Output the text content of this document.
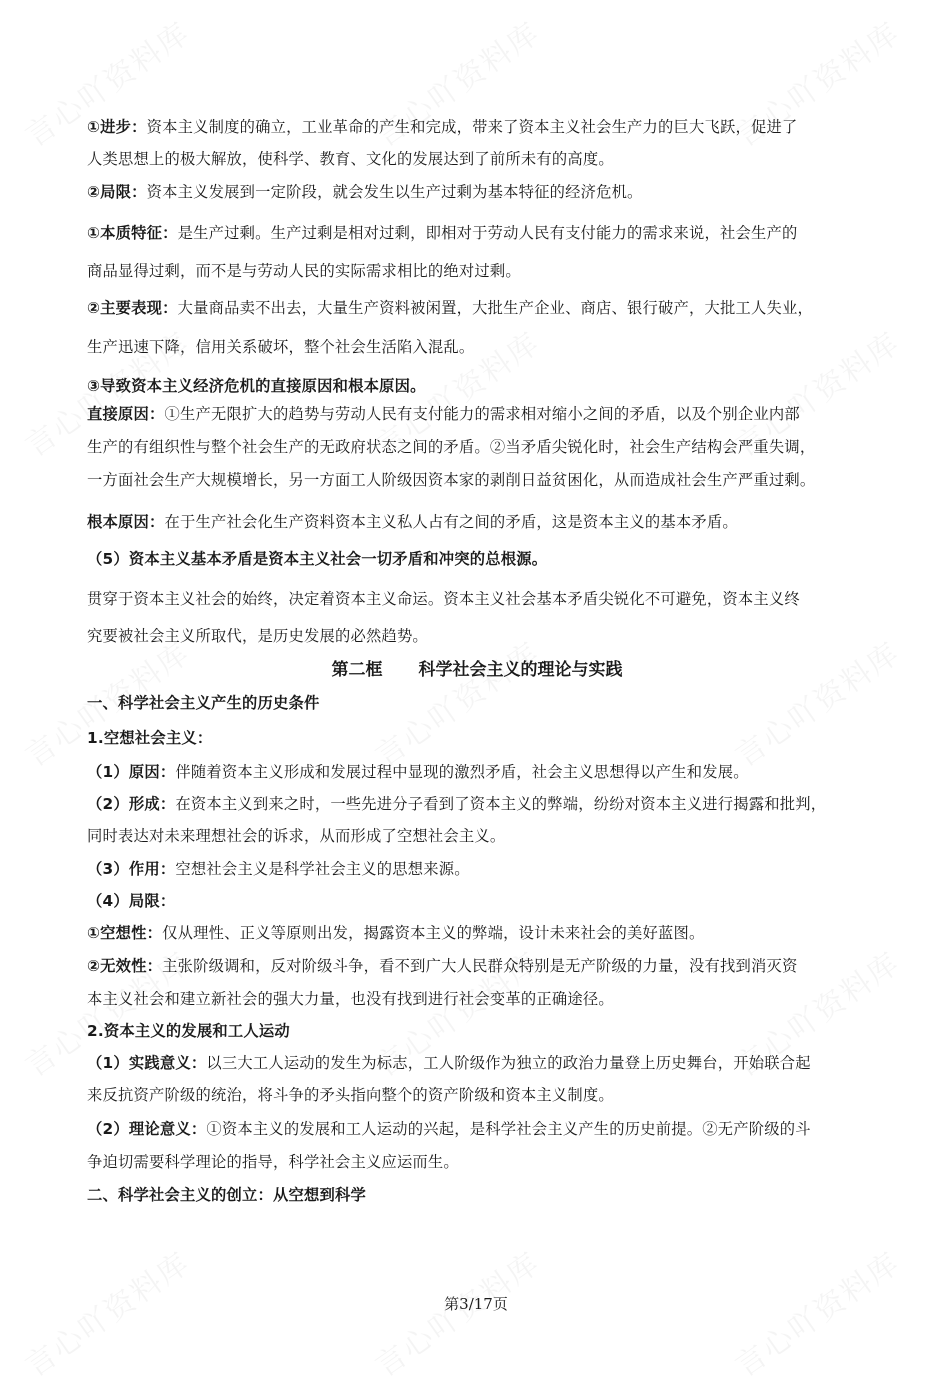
①进步：资本主义制度的确立，工业革命的产生和完成，带来了资本主义社会生产力的巨大飞跃，促进了
人类思想上的极大解放，使科学、教育、文化的发展达到了前所未有的高度。
②局限：资本主义发展到一定阶段，就会发生以生产过剩为基本特征的经济危机。
①本质特征：是生产过剩。生产过剩是相对过剩，即相对于劳动人民有支付能力的需求来说，社会生产的
商品显得过剩，而不是与劳动人民的实际需求相比的绝对过剩。
②主要表现：大量商品卖不出去，大量生产资料被闲置，大批生产企业、商店、银行破产，大批工人失业，
生产迅速下降，信用关系破坏，整个社会生活陷入混乱。
③导致资本主义经济危机的直接原因和根本原因。
直接原因：①生产无限扩大的趋势与劳动人民有支付能力的需求相对缩小之间的矛盾，以及个别企业内部
生产的有组织性与整个社会生产的无政府状态之间的矛盾。②当矛盾尖锐化时，社会生产结构会严重失调，
一方面社会生产大规模增长，另一方面工人阶级因资本家的剥削日益贫困化，从而造成社会生产严重过剩。
根本原因：在于生产社会化生产资料资本主义私人占有之间的矛盾，这是资本主义的基本矛盾。
（5）资本主义基本矛盾是资本主义社会一切矛盾和冲突的总根源。
贯穿于资本主义社会的始终，决定着资本主义命运。资本主义社会基本矛盾尖锐化不可避免，资本主义终
究要被社会主义所取代，是历史发展的必然趋势。
第二框 科学社会主义的理论与实践
一、科学社会主义产生的历史条件
1.空想社会主义：
（1）原因：伴随着资本主义形成和发展过程中显现的激烈矛盾，社会主义思想得以产生和发展。
（2）形成：在资本主义到来之时，一些先进分子看到了资本主义的弊端，纷纷对资本主义进行揭露和批判，
同时表达对未来理想社会的诉求，从而形成了空想社会主义。
（3）作用：空想社会主义是科学社会主义的思想来源。
（4）局限：
①空想性：仅从理性、正义等原则出发，揭露资本主义的弊端，设计未来社会的美好蓝图。
②无效性：主张阶级调和，反对阶级斗争，看不到广大人民群众特别是无产阶级的力量，没有找到消灭资
本主义社会和建立新社会的强大力量，也没有找到进行社会变革的正确途径。
2.资本主义的发展和工人运动
（1）实践意义：以三大工人运动的发生为标志，工人阶级作为独立的政治力量登上历史舞台，开始联合起
来反抗资产阶级的统治，将斗争的矛头指向整个的资产阶级和资本主义制度。
（2）理论意义：①资本主义的发展和工人运动的兴起，是科学社会主义产生的历史前提。②无产阶级的斗
争迫切需要科学理论的指导，科学社会主义应运而生。
二、科学社会主义的创立：从空想到科学
第3/17页
